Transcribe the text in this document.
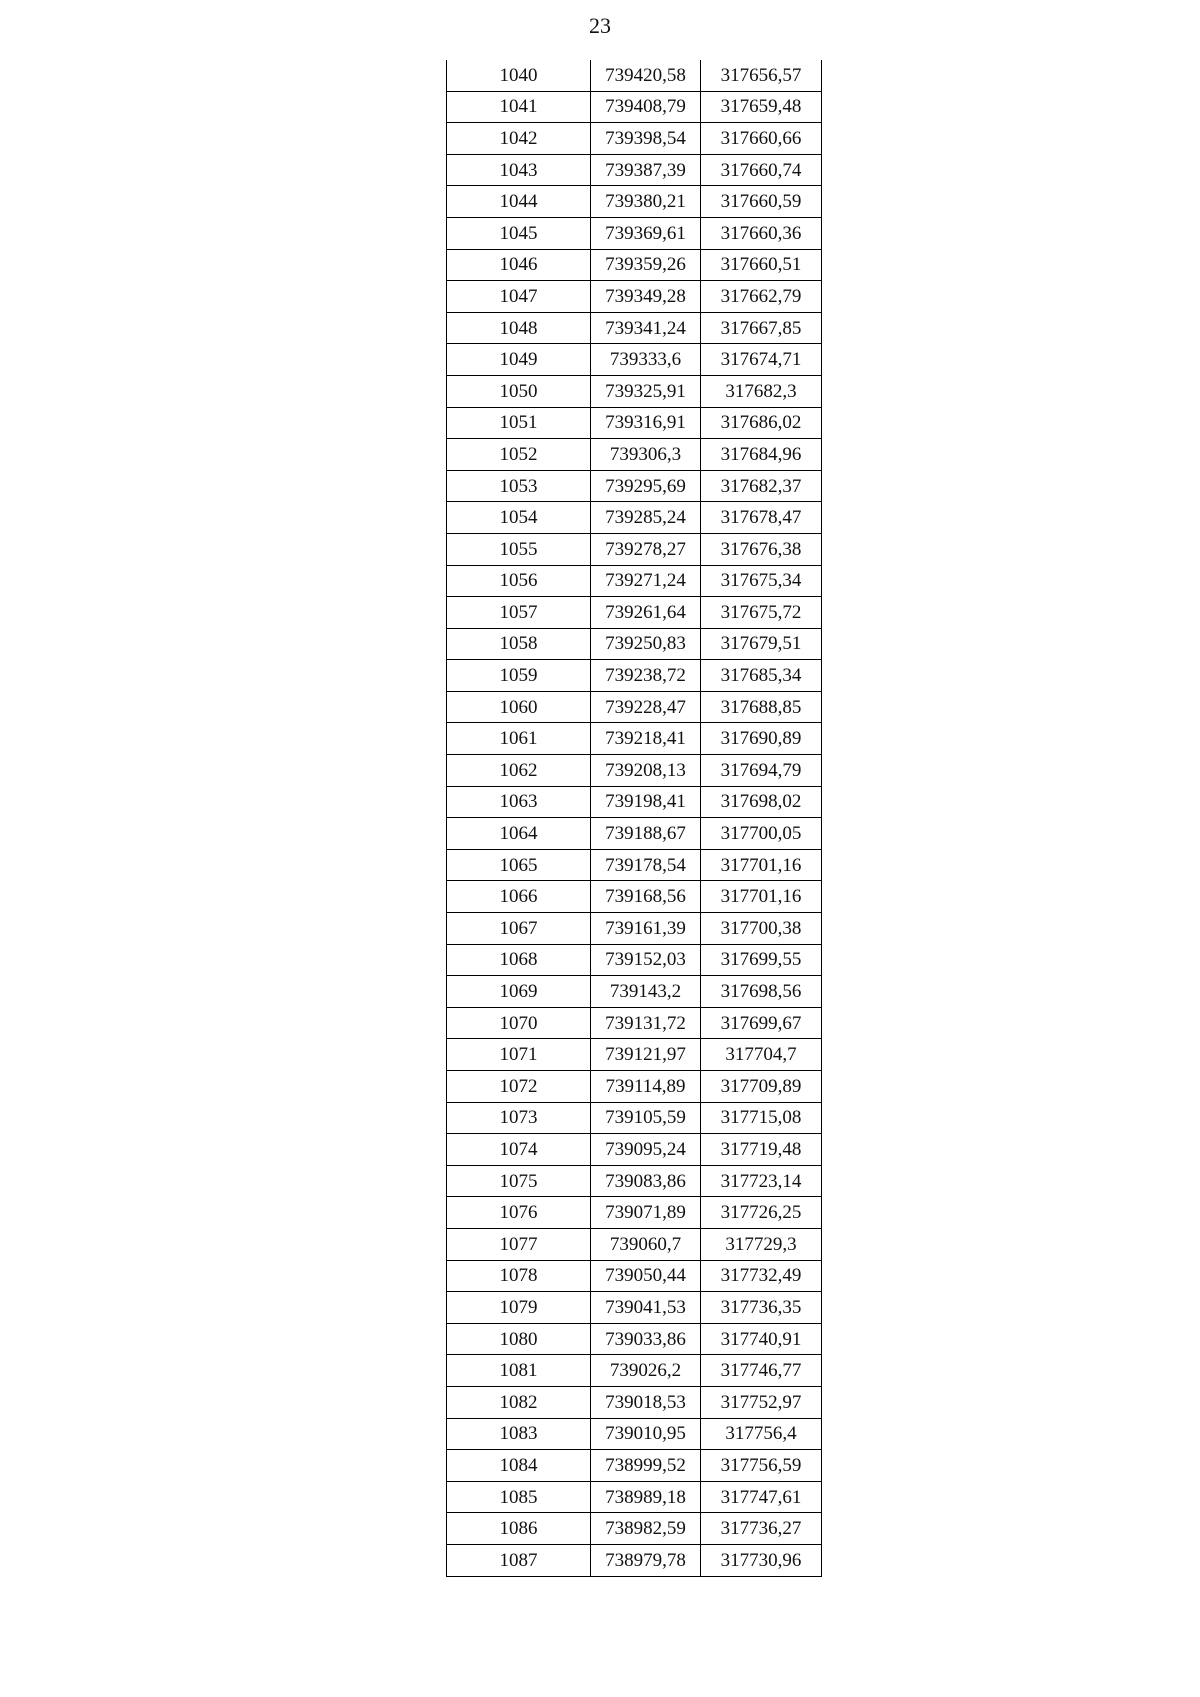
23
1040	739420,58	317656,57
1041	739408,79	317659,48
1042	739398,54	317660,66
1043	739387,39	317660,74
1044	739380,21	317660,59
1045	739369,61	317660,36
1046	739359,26	317660,51
1047	739349,28	317662,79
1048	739341,24	317667,85
1049	739333,6	317674,71
1050	739325,91	317682,3
1051	739316,91	317686,02
1052	739306,3	317684,96
1053	739295,69	317682,37
1054	739285,24	317678,47
1055	739278,27	317676,38
1056	739271,24	317675,34
1057	739261,64	317675,72
1058	739250,83	317679,51
1059	739238,72	317685,34
1060	739228,47	317688,85
1061	739218,41	317690,89
1062	739208,13	317694,79
1063	739198,41	317698,02
1064	739188,67	317700,05
1065	739178,54	317701,16
1066	739168,56	317701,16
1067	739161,39	317700,38
1068	739152,03	317699,55
1069	739143,2	317698,56
1070	739131,72	317699,67
1071	739121,97	317704,7
1072	739114,89	317709,89
1073	739105,59	317715,08
1074	739095,24	317719,48
1075	739083,86	317723,14
1076	739071,89	317726,25
1077	739060,7	317729,3
1078	739050,44	317732,49
1079	739041,53	317736,35
1080	739033,86	317740,91
1081	739026,2	317746,77
1082	739018,53	317752,97
1083	739010,95	317756,4
1084	738999,52	317756,59
1085	738989,18	317747,61
1086	738982,59	317736,27
1087	738979,78	317730,96
